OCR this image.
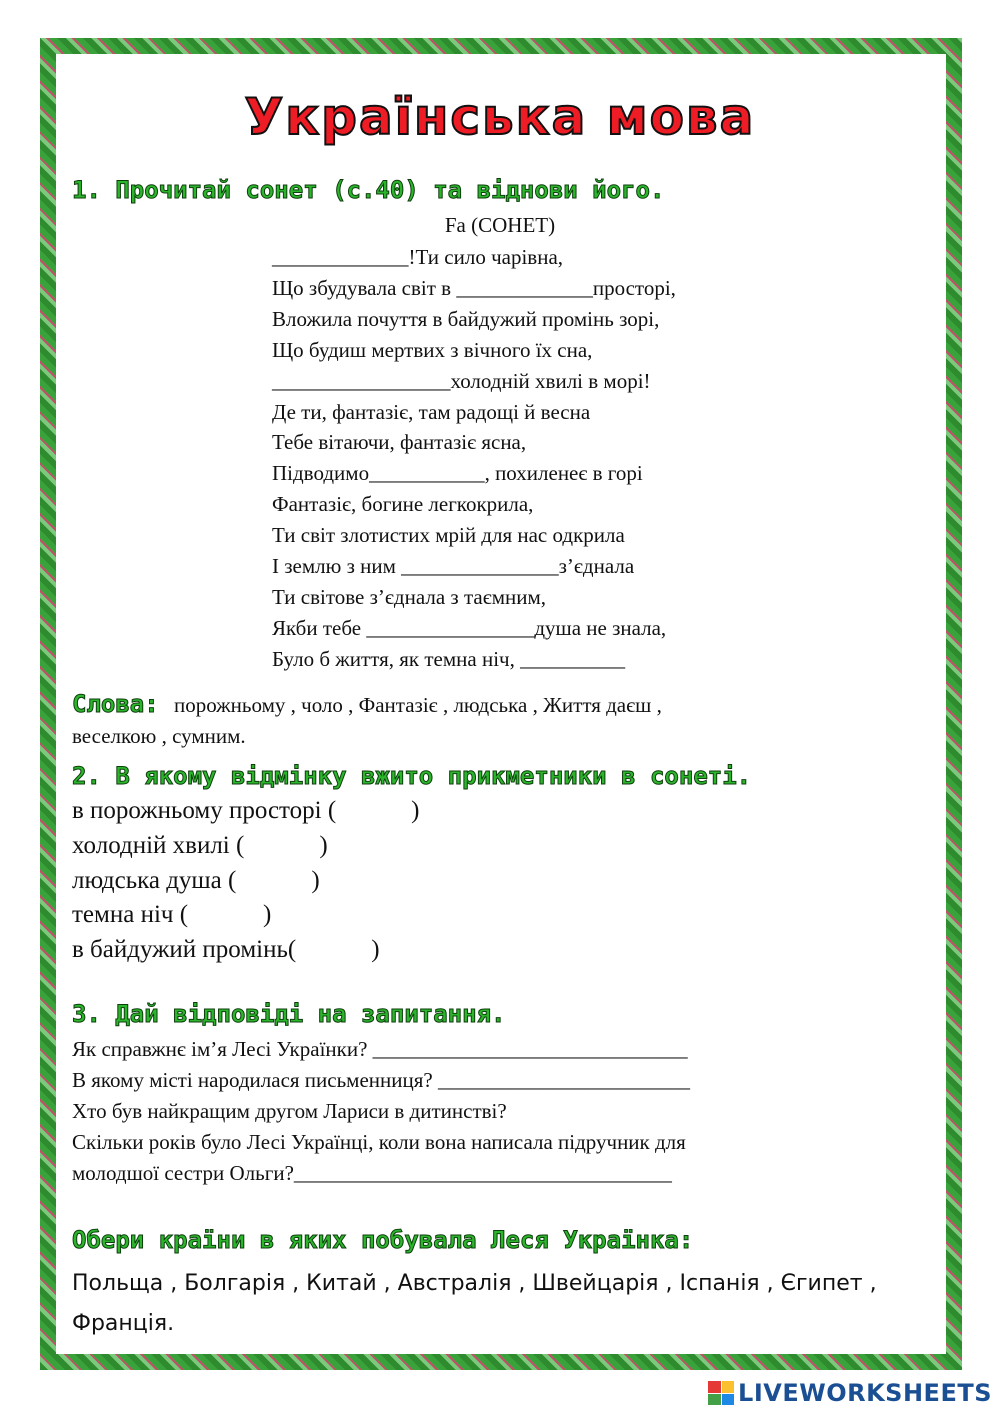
Українська мова
1. Прочитай сонет (с.40) та віднови його.
Fa (СОНЕТ)
_____________!Ти сило чарівна,
Що збудувала світ в _____________просторі,
Вложила почуття в байдужий промінь зорі,
Що будиш мертвих з вічного їх сна,
_________________холодній хвилі в морі!
Де ти, фантазіє, там радощі й весна
Тебе вітаючи, фантазіє ясна,
Підводимо___________, похиленеє в горі
Фантазіє, богине легкокрила,
Ти світ злотистих мрій для нас одкрила
І землю з ним _______________з’єднала
Ти світове з’єднала з таємним,
Якби тебе ________________душа не знала,
Було б життя, як темна ніч, __________
Слова: порожньому , чоло , Фантазіє , людська , Життя даєш ,
веселкою , сумним.
2. В якому відмінку вжито прикметники в сонеті.
в порожньому просторі (            )
холодній хвилі (            )
людська душа (            )
темна ніч (            )
в байдужий промінь(            )
3. Дай відповіді на запитання.
Як справжнє ім’я Лесі Українки? ______________________________
В якому місті народилася письменниця? ________________________
Хто був найкращим другом Лариси в дитинстві?
Скільки років було Лесі Українці, коли вона написала підручник для
молодшої сестри Ольги?____________________________________
Обери країни в яких побувала Леся Українка:
Польща , Болгарія , Китай , Австралія , Швейцарія , Іспанія , Єгипет , Франція.
LIVEWORKSHEETS
